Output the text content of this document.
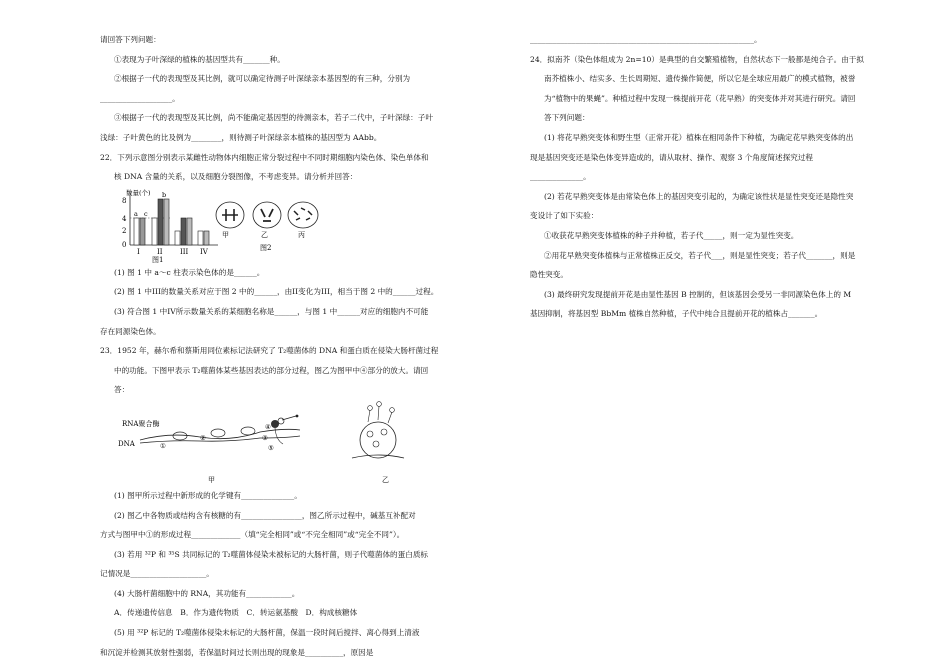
请回答下列问题：

①表现为子叶深绿的植株的基因型共有_______种。

②根据子一代的表现型及其比例，就可以确定待测子叶深绿亲本基因型的有三种，分别为

___________________。

③根据子一代的表现型及其比例，尚不能确定基因型的待测亲本，若子二代中，子叶深绿：子叶

浅绿：子叶黄色的比及例为________，则待测子叶深绿亲本植株的基因型为 AAbb。

22．下列示意图分别表示某雌性动物体内细胞正常分裂过程中不同时期细胞内染色体、染色单体和

核 DNA 含量的关系，以及细胞分裂图像，不考虑变异。请分析并回答：

数量(个)
8
4
2
0
a c
b
I II III IV
图1
甲	乙	丙
图2

(1) 图 1 中 a～c 柱表示染色体的是______。

(2) 图 1 中III的数量关系对应于图 2 中的______，由II变化为III，相当于图 2 中的______过程。

(3) 符合图 1 中IV所示数量关系的某细胞名称是______，与图 1 中______对应的细胞内不可能

存在同源染色体。

23．1952 年，赫尔希和蔡斯用同位素标记法研究了 T₂噬菌体的 DNA 和蛋白质在侵染大肠杆菌过程

中的功能。下图甲表示 T₂噬菌体某些基因表达的部分过程，图乙为图甲中④部分的放大。请回

答：

RNA聚合酶
DNA	①
②	③
④
⑤
甲	乙

(1) 图甲所示过程中新形成的化学键有______________。

(2) 图乙中各物质或结构含有核糖的有________________，图乙所示过程中，碱基互补配对

方式与图甲中①的形成过程_____________（填“完全相同”或“不完全相同”或“完全不同”）。

(3) 若用 ³²P 和 ³⁵S 共同标记的 T₂噬菌体侵染未被标记的大肠杆菌，则子代噬菌体的蛋白质标

记情况是____________________。

(4) 大肠杆菌细胞中的 RNA，其功能有____________。

A．传递遗传信息　B．作为遗传物质　C．转运氨基酸　D．构成核糖体

(5) 用 ³²P 标记的 T₂噬菌体侵染未标记的大肠杆菌，保温一段时间后搅拌、离心得到上清液

和沉淀并检测其放射性强弱，若保温时间过长则出现的现象是__________，原因是

___________________________________________________________。

24．拟南芥（染色体组成为 2n=10）是典型的自交繁殖植物，自然状态下一般都是纯合子。由于拟

南芥植株小、结实多、生长周期短、遗传操作简便，所以它是全球应用最广的模式植物，被誉

为“植物中的果蝇”。种植过程中发现一株提前开花（花早熟）的突变体并对其进行研究。请回

答下列问题：

(1) 将花早熟突变体和野生型（正常开花）植株在相同条件下种植，为确定花早熟突变体的出

现是基因突变还是染色体变异造成的，请从取材、操作、观察 3 个角度简述探究过程

______________。

(2) 若花早熟突变体是由常染色体上的基因突变引起的，为确定该性状是显性突变还是隐性突

变设计了如下实验：

①收获花早熟突变体植株的种子并种植，若子代_____，则一定为显性突变。

②用花早熟突变体植株与正常植株正反交，若子代___，则是显性突变；若子代_______，则是

隐性突变。

(3) 最终研究发现提前开花是由显性基因 B 控制的，但该基因会受另一非同源染色体上的 M

基因抑制，将基因型 BbMm 植株自然种植，子代中纯合且提前开花的植株占_______。
